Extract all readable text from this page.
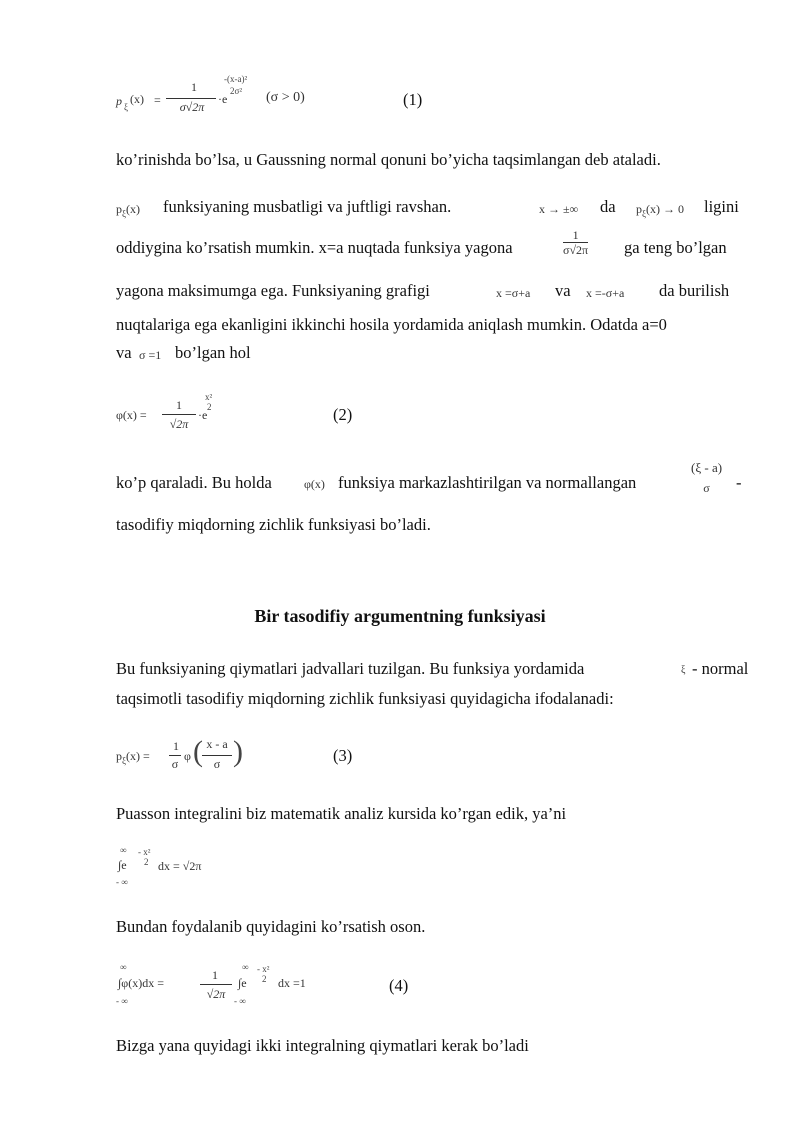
p ξ
(x) =
1
σ√2π
·e
-(x-a)²
2σ² (σ > 0)	(1)
ko’rinishda bo’lsa, u Gaussning normal qonuni bo’yicha taqsimlangan deb ataladi.
$p_\xi(x)$ funksiyaning musbatligi va juftligi ravshan.	x → ±∞ da $p_\xi(x) \to 0$ ligini
oddiygina ko’rsatish mumkin. x=a nuqtada funksiya yagona	$\frac{1}{\sigma√2\pi}$ ga teng bo’lgan
yagona maksimumga ega. Funksiyaning grafigi	x =σ+a va x =-σ+a da burilish
nuqtalariga ega ekanligini ikkinchi hosila yordamida aniqlash mumkin. Odatda a=0
va σ =1 bo’lgan hol
φ(x) =
1
√2π
·e
x²
2	(2)
ko’p qaraladi. Bu holda	φ(x) funksiya markazlashtirilgan va normallangan
(ξ - a)
σ	-
tasodifiy miqdorning zichlik funksiyasi bo’ladi.
Bir tasodifiy argumentning funksiyasi
Bu funksiyaning qiymatlari jadvallari tuzilgan. Bu funksiya yordamida	ξ - normal
taqsimotli tasodifiy miqdorning zichlik funksiyasi quyidagicha ifodalanadi:
$p_\xi(x)$ =
1
σ
φ ( x - a
σ )	(3)
Puasson integralini biz matematik analiz kursida ko’rgan edik, ya’ni
∞
∫e
- x²
2
- ∞
dx = √2π
Bundan foydalanib quyidagini ko’rsatish oson.
∞
∫φ(x)dx =
- ∞
1
√2π
∞
∫e
- x²
2
- ∞
dx =1	(4)
Bizga yana quyidagi ikki integralning qiymatlari kerak bo’ladi
